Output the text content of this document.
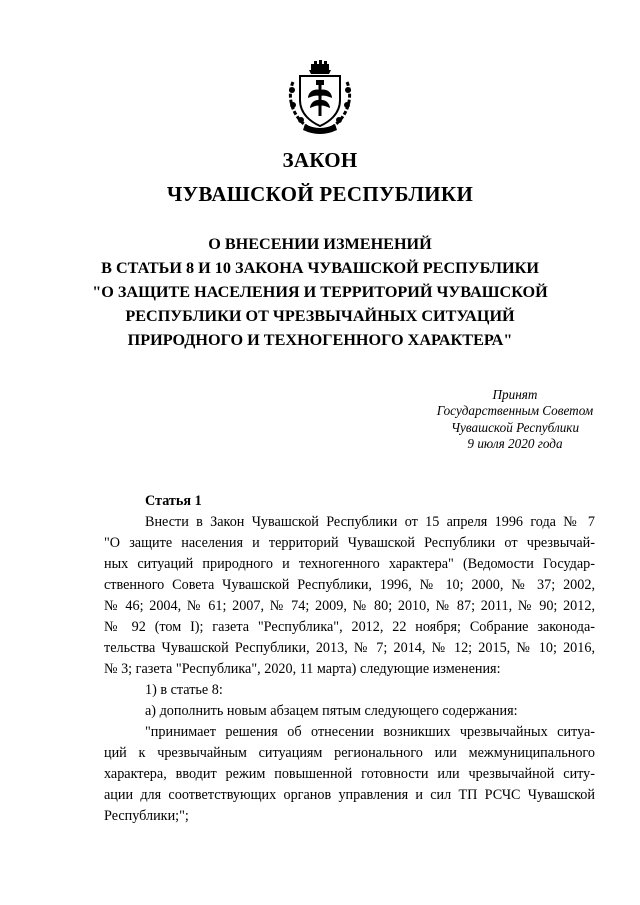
ЗАКОН
ЧУВАШСКОЙ РЕСПУБЛИКИ
О ВНЕСЕНИИ ИЗМЕНЕНИЙ
В СТАТЬИ 8 И 10 ЗАКОНА ЧУВАШСКОЙ РЕСПУБЛИКИ
"О ЗАЩИТЕ НАСЕЛЕНИЯ И ТЕРРИТОРИЙ ЧУВАШСКОЙ
РЕСПУБЛИКИ ОТ ЧРЕЗВЫЧАЙНЫХ СИТУАЦИЙ
ПРИРОДНОГО И ТЕХНОГЕННОГО ХАРАКТЕРА"
Принят
Государственным Советом
Чувашской Республики
9 июля 2020 года
Статья 1
Внести в Закон Чувашской Республики от 15 апреля 1996 года № 7
"О защите населения и территорий Чувашской Республики от чрезвычай-
ных ситуаций природного и техногенного характера" (Ведомости Государ-
ственного Совета Чувашской Республики, 1996, № 10; 2000, № 37; 2002,
№ 46; 2004, № 61; 2007, № 74; 2009, № 80; 2010, № 87; 2011, № 90; 2012,
№ 92 (том I); газета "Республика", 2012, 22 ноября; Собрание законода-
тельства Чувашской Республики, 2013, № 7; 2014, № 12; 2015, № 10; 2016,
№ 3; газета "Республика", 2020, 11 марта) следующие изменения:
1) в статье 8:
а) дополнить новым абзацем пятым следующего содержания:
"принимает решения об отнесении возникших чрезвычайных ситуа-
ций к чрезвычайным ситуациям регионального или межмуниципального
характера, вводит режим повышенной готовности или чрезвычайной ситу-
ации для соответствующих органов управления и сил ТП РСЧС Чувашской
Республики;";
